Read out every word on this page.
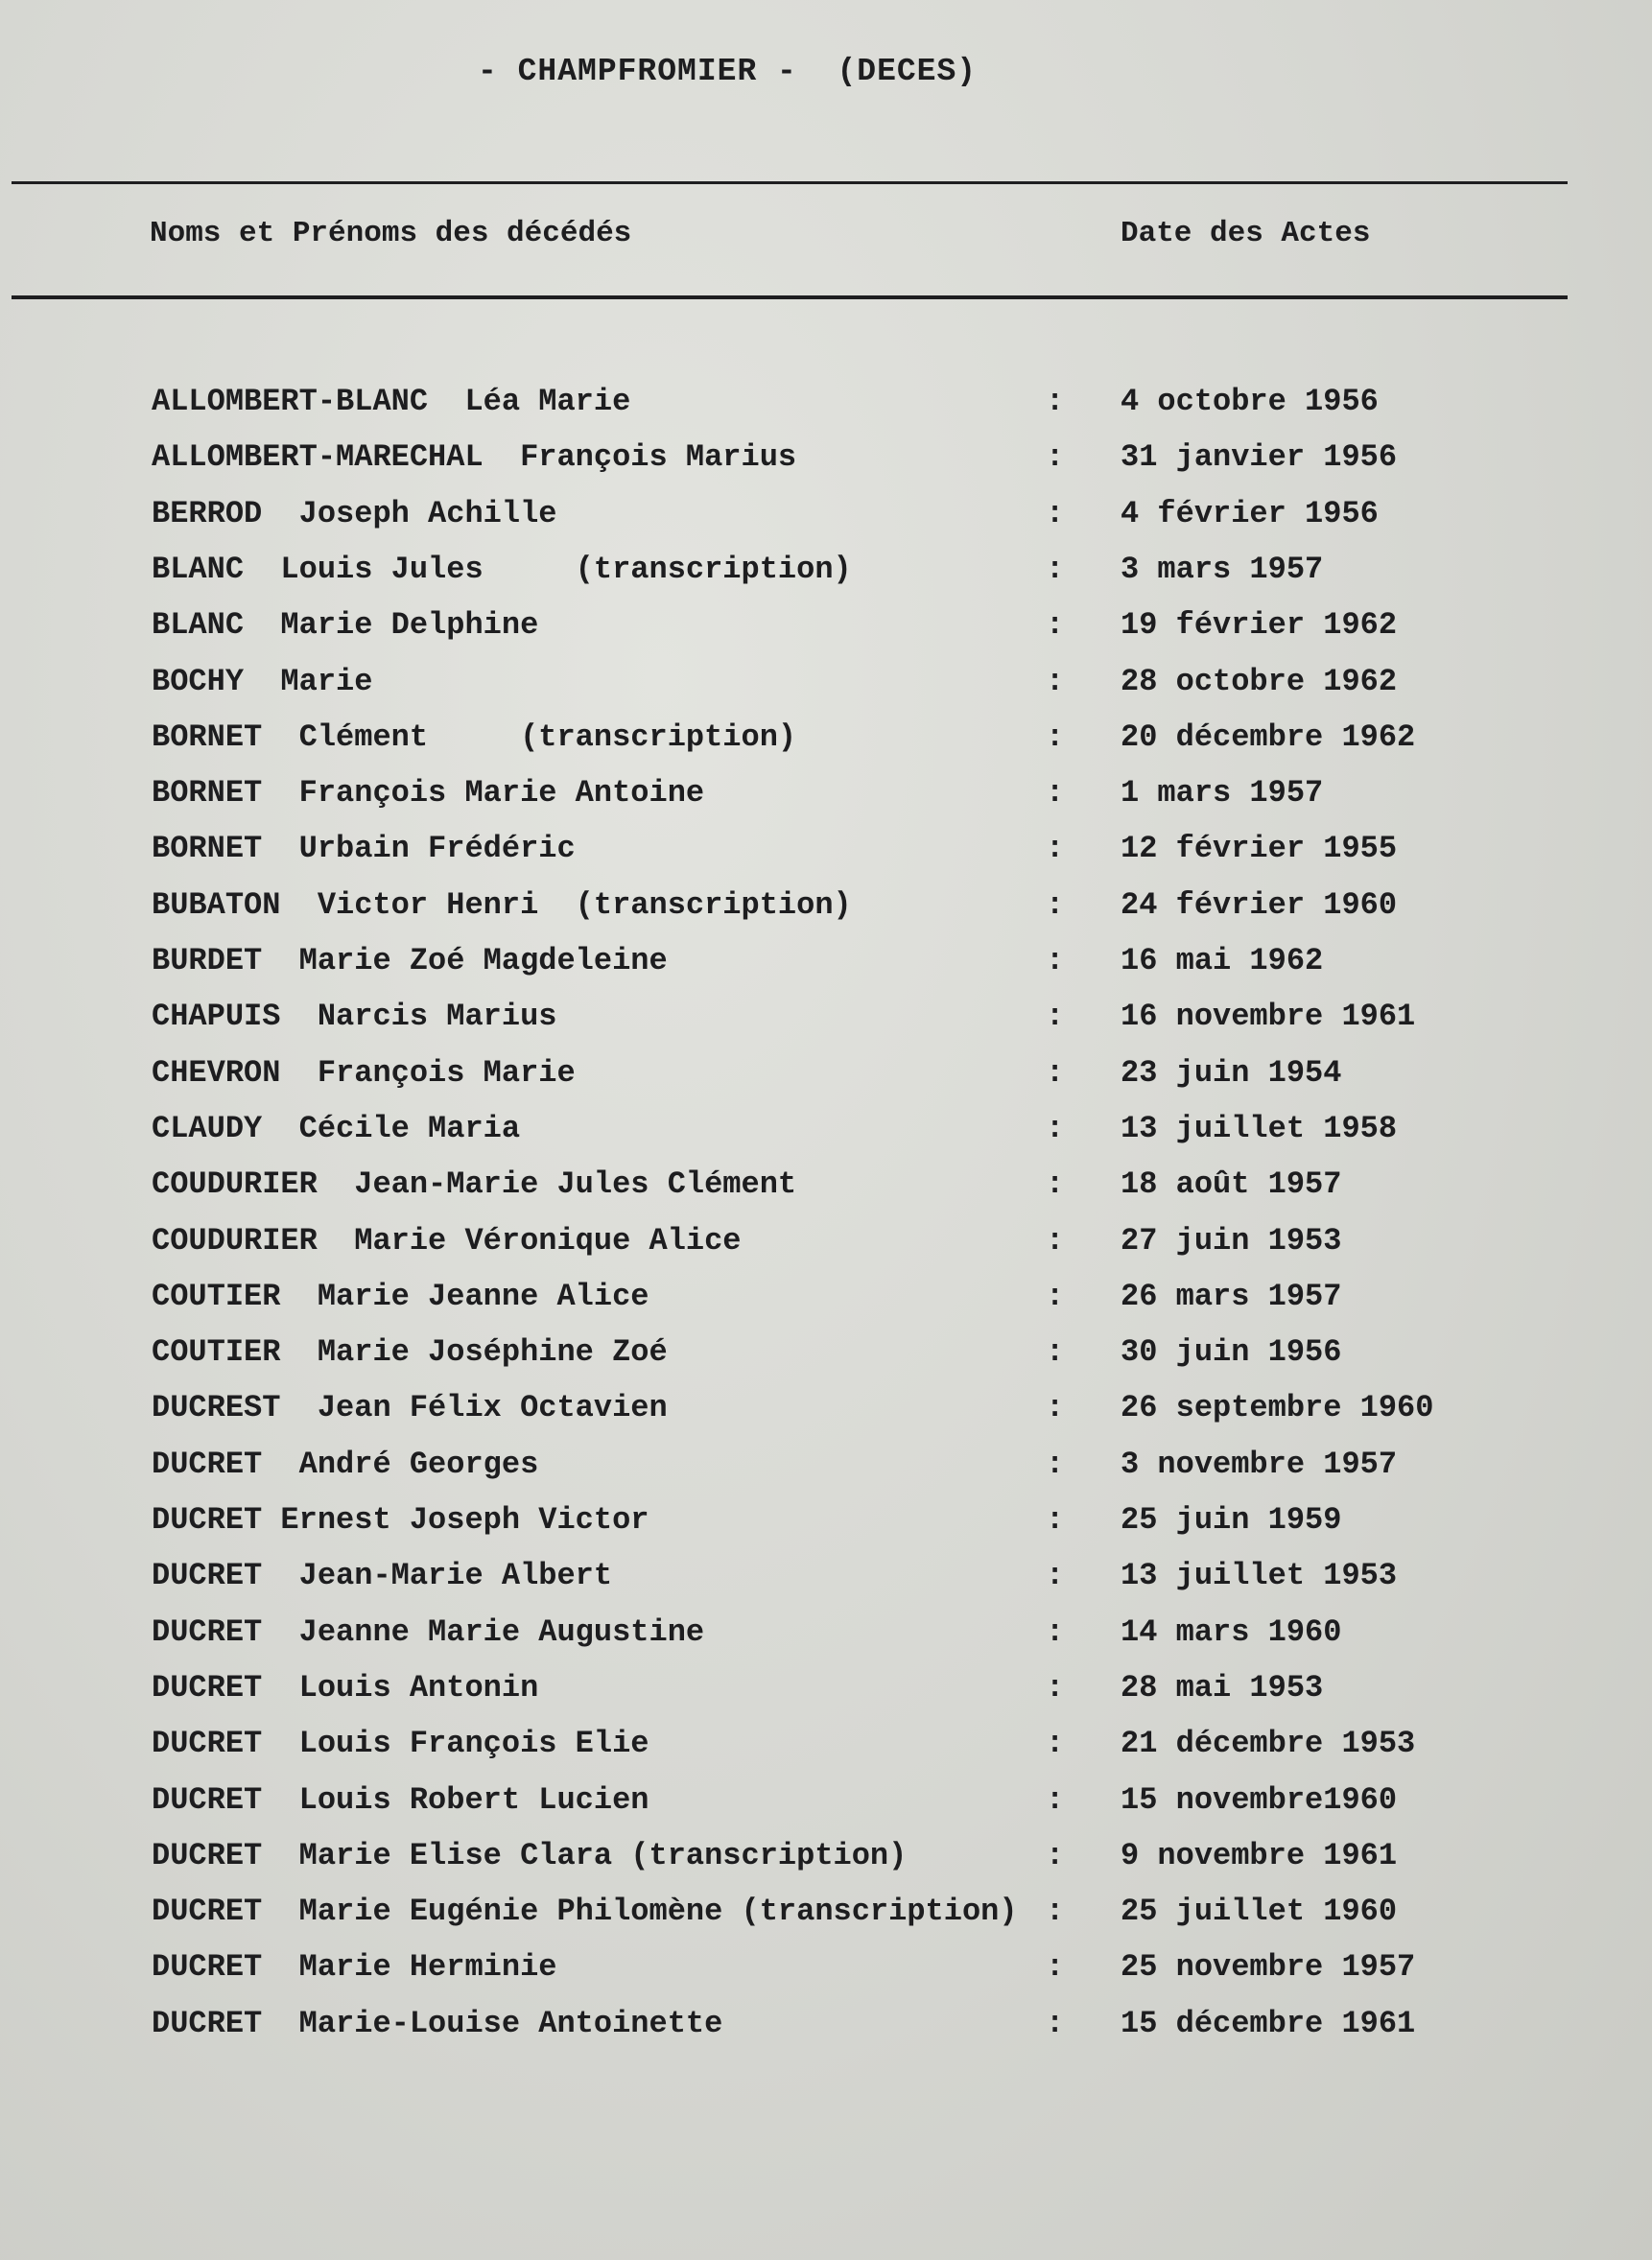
- CHAMPFROMIER -  (DECES)
Noms et Prénoms des décédés	Date des Actes
ALLOMBERT-BLANC  Léa Marie	: 4 octobre 1956
ALLOMBERT-MARECHAL  François Marius	: 31 janvier 1956
BERROD  Joseph Achille	: 4 février 1956
BLANC  Louis Jules     (transcription)	: 3 mars 1957
BLANC  Marie Delphine	: 19 février 1962
BOCHY  Marie	: 28 octobre 1962
BORNET  Clément     (transcription)	: 20 décembre 1962
BORNET  François Marie Antoine	: 1 mars 1957
BORNET  Urbain Frédéric	: 12 février 1955
BUBATON  Victor Henri  (transcription)	: 24 février 1960
BURDET  Marie Zoé Magdeleine	: 16 mai 1962
CHAPUIS  Narcis Marius	: 16 novembre 1961
CHEVRON  François Marie	: 23 juin 1954
CLAUDY  Cécile Maria	: 13 juillet 1958
COUDURIER  Jean-Marie Jules Clément	: 18 août 1957
COUDURIER  Marie Véronique Alice	: 27 juin 1953
COUTIER  Marie Jeanne Alice	: 26 mars 1957
COUTIER  Marie Joséphine Zoé	: 30 juin 1956
DUCREST  Jean Félix Octavien	: 26 septembre 1960
DUCRET  André Georges	: 3 novembre 1957
DUCRET Ernest Joseph Victor	: 25 juin 1959
DUCRET  Jean-Marie Albert	: 13 juillet 1953
DUCRET  Jeanne Marie Augustine	: 14 mars 1960
DUCRET  Louis Antonin	: 28 mai 1953
DUCRET  Louis François Elie	: 21 décembre 1953
DUCRET  Louis Robert Lucien	: 15 novembre1960
DUCRET  Marie Elise Clara (transcription)	: 9 novembre 1961
DUCRET  Marie Eugénie Philomène (transcription) : 25 juillet 1960
DUCRET  Marie Herminie	: 25 novembre 1957
DUCRET  Marie-Louise Antoinette	: 15 décembre 1961
